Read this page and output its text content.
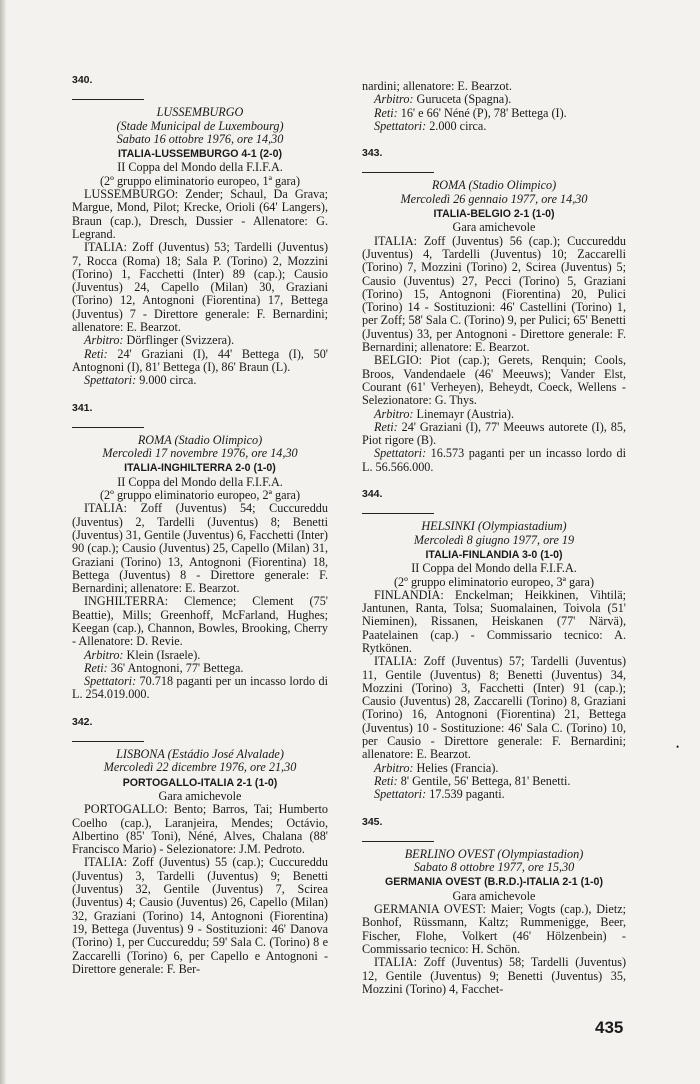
340.
LUSSEMBURGO
(Stade Municipal de Luxembourg)
Sabato 16 ottobre 1976, ore 14,30
ITALIA-LUSSEMBURGO 4-1 (2-0)
II Coppa del Mondo della F.I.F.A.
(2º gruppo eliminatorio europeo, 1ª gara)
LUSSEMBURGO: Zender; Schaul, Da Grava; Margue, Mond, Pilot; Krecke, Orioli (64' Langers), Braun (cap.), Dresch, Dussier - Allenatore: G. Legrand.
ITALIA: Zoff (Juventus) 53; Tardelli (Juventus) 7, Rocca (Roma) 18; Sala P. (Torino) 2, Mozzini (Torino) 1, Facchetti (Inter) 89 (cap.); Causio (Juventus) 24, Capello (Milan) 30, Graziani (Torino) 12, Antognoni (Fiorentina) 17, Bettega (Juventus) 7 - Direttore generale: F. Bernardini; allenatore: E. Bearzot.
Arbitro: Dörflinger (Svizzera).
Reti: 24' Graziani (I), 44' Bettega (I), 50' Antognoni (I), 81' Bettega (I), 86' Braun (L).
Spettatori: 9.000 circa.
341.
ROMA (Stadio Olimpico)
Mercoledì 17 novembre 1976, ore 14,30
ITALIA-INGHILTERRA 2-0 (1-0)
II Coppa del Mondo della F.I.F.A.
(2º gruppo eliminatorio europeo, 2ª gara)
ITALIA: Zoff (Juventus) 54; Cuccureddu (Juventus) 2, Tardelli (Juventus) 8; Benetti (Juventus) 31, Gentile (Juventus) 6, Facchetti (Inter) 90 (cap.); Causio (Juventus) 25, Capello (Milan) 31, Graziani (Torino) 13, Antognoni (Fiorentina) 18, Bettega (Juventus) 8 - Direttore generale: F. Bernardini; allenatore: E. Bearzot.
INGHILTERRA: Clemence; Clement (75' Beattie), Mills; Greenhoff, McFarland, Hughes; Keegan (cap.), Channon, Bowles, Brooking, Cherry - Allenatore: D. Revie.
Arbitro: Klein (Israele).
Reti: 36' Antognoni, 77' Bettega.
Spettatori: 70.718 paganti per un incasso lordo di L. 254.019.000.
342.
LISBONA (Estádio José Alvalade)
Mercoledì 22 dicembre 1976, ore 21,30
PORTOGALLO-ITALIA 2-1 (1-0)
Gara amichevole
PORTOGALLO: Bento; Barros, Tai; Humberto Coelho (cap.), Laranjeira, Mendes; Octávio, Albertino (85' Toni), Néné, Alves, Chalana (88' Francisco Mario) - Selezionatore: J.M. Pedroto.
ITALIA: Zoff (Juventus) 55 (cap.); Cuccureddu (Juventus) 3, Tardelli (Juventus) 9; Benetti (Juventus) 32, Gentile (Juventus) 7, Scirea (Juventus) 4; Causio (Juventus) 26, Capello (Milan) 32, Graziani (Torino) 14, Antognoni (Fiorentina) 19, Bettega (Juventus) 9 - Sostituzioni: 46' Danova (Torino) 1, per Cuccureddu; 59' Sala C. (Torino) 8 e Zaccarelli (Torino) 6, per Capello e Antognoni - Direttore generale: F. Ber-
nardini; allenatore: E. Bearzot.
Arbitro: Guruceta (Spagna).
Reti: 16' e 66' Néné (P), 78' Bettega (I).
Spettatori: 2.000 circa.
343.
ROMA (Stadio Olimpico)
Mercoledì 26 gennaio 1977, ore 14,30
ITALIA-BELGIO 2-1 (1-0)
Gara amichevole
ITALIA: Zoff (Juventus) 56 (cap.); Cuccureddu (Juventus) 4, Tardelli (Juventus) 10; Zaccarelli (Torino) 7, Mozzini (Torino) 2, Scirea (Juventus) 5; Causio (Juventus) 27, Pecci (Torino) 5, Graziani (Torino) 15, Antognoni (Fiorentina) 20, Pulici (Torino) 14 - Sostituzioni: 46' Castellini (Torino) 1, per Zoff; 58' Sala C. (Torino) 9, per Pulici; 65' Benetti (Juventus) 33, per Antognoni - Direttore generale: F. Bernardini; allenatore: E. Bearzot.
BELGIO: Piot (cap.); Gerets, Renquin; Cools, Broos, Vandendaele (46' Meeuws); Vander Elst, Courant (61' Verheyen), Beheydt, Coeck, Wellens - Selezionatore: G. Thys.
Arbitro: Linemayr (Austria).
Reti: 24' Graziani (I), 77' Meeuws autorete (I), 85, Piot rigore (B).
Spettatori: 16.573 paganti per un incasso lordo di L. 56.566.000.
344.
HELSINKI (Olympiastadium)
Mercoledì 8 giugno 1977, ore 19
ITALIA-FINLANDIA 3-0 (1-0)
II Coppa del Mondo della F.I.F.A.
(2º gruppo eliminatorio europeo, 3ª gara)
FINLANDIA: Enckelman; Heikkinen, Vihtilä; Jantunen, Ranta, Tolsa; Suomalainen, Toivola (51' Nieminen), Rissanen, Heiskanen (77' Närvä), Paatelainen (cap.) - Commissario tecnico: A. Rytkönen.
ITALIA: Zoff (Juventus) 57; Tardelli (Juventus) 11, Gentile (Juventus) 8; Benetti (Juventus) 34, Mozzini (Torino) 3, Facchetti (Inter) 91 (cap.); Causio (Juventus) 28, Zaccarelli (Torino) 8, Graziani (Torino) 16, Antognoni (Fiorentina) 21, Bettega (Juventus) 10 - Sostituzione: 46' Sala C. (Torino) 10, per Causio - Direttore generale: F. Bernardini; allenatore: E. Bearzot.
Arbitro: Helies (Francia).
Reti: 8' Gentile, 56' Bettega, 81' Benetti.
Spettatori: 17.539 paganti.
345.
BERLINO OVEST (Olympiastadion)
Sabato 8 ottobre 1977, ore 15,30
GERMANIA OVEST (B.R.D.)-ITALIA 2-1 (1-0)
Gara amichevole
GERMANIA OVEST: Maier; Vogts (cap.), Dietz; Bonhof, Rüssmann, Kaltz; Rummenigge, Beer, Fischer, Flohe, Volkert (46' Hölzenbein) - Commissario tecnico: H. Schön.
ITALIA: Zoff (Juventus) 58; Tardelli (Juventus) 12, Gentile (Juventus) 9; Benetti (Juventus) 35, Mozzini (Torino) 4, Facchet-
•
435
